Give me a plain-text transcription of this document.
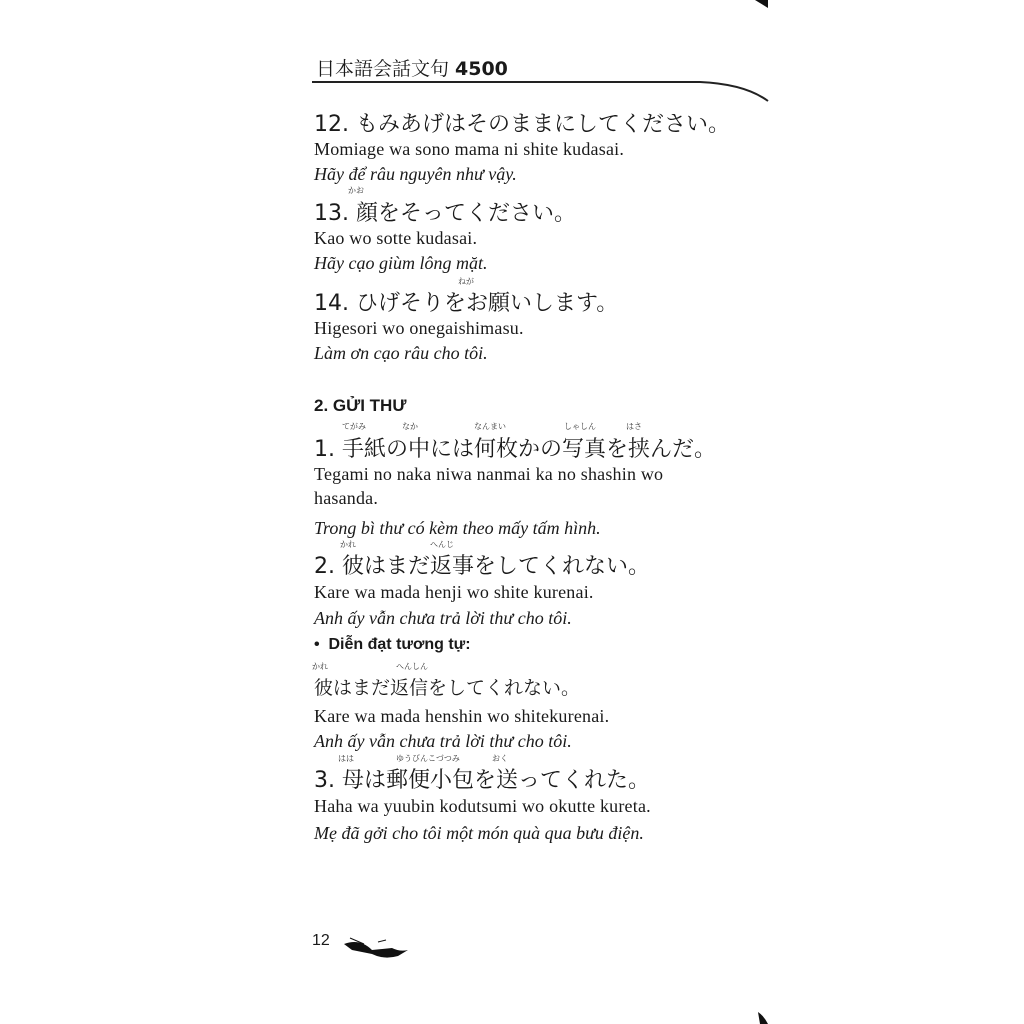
日本語会話文句 4500
12. もみあげはそのままにしてください。
Momiage wa sono mama ni shite kudasai.
Hãy để râu nguyên như vậy.
かお
13. 顔をそってください。
Kao wo sotte kudasai.
Hãy cạo giùm lông mặt.
ねが
14. ひげそりをお願いします。
Higesori wo onegaishimasu.
Làm ơn cạo râu cho tôi.
2. GỬI THƯ
てがみ	なか	なんまい	しゃしん	はさ
1. 手紙の中には何枚かの写真を挟んだ。
Tegami no naka niwa nanmai ka no shashin wo
hasanda.
Trong bì thư có kèm theo mấy tấm hình.
かれ	へんじ
2. 彼はまだ返事をしてくれない。
Kare wa mada henji wo shite kurenai.
Anh ấy vẫn chưa trả lời thư cho tôi.
• Diễn đạt tương tự:
かれ	へんしん
彼はまだ返信をしてくれない。
Kare wa mada henshin wo shitekurenai.
Anh ấy vẫn chưa trả lời thư cho tôi.
はは	ゆうびんこづつみ	おく
3. 母は郵便小包を送ってくれた。
Haha wa yuubin kodutsumi wo okutte kureta.
Mẹ đã gởi cho tôi một món quà qua bưu điện.
12
